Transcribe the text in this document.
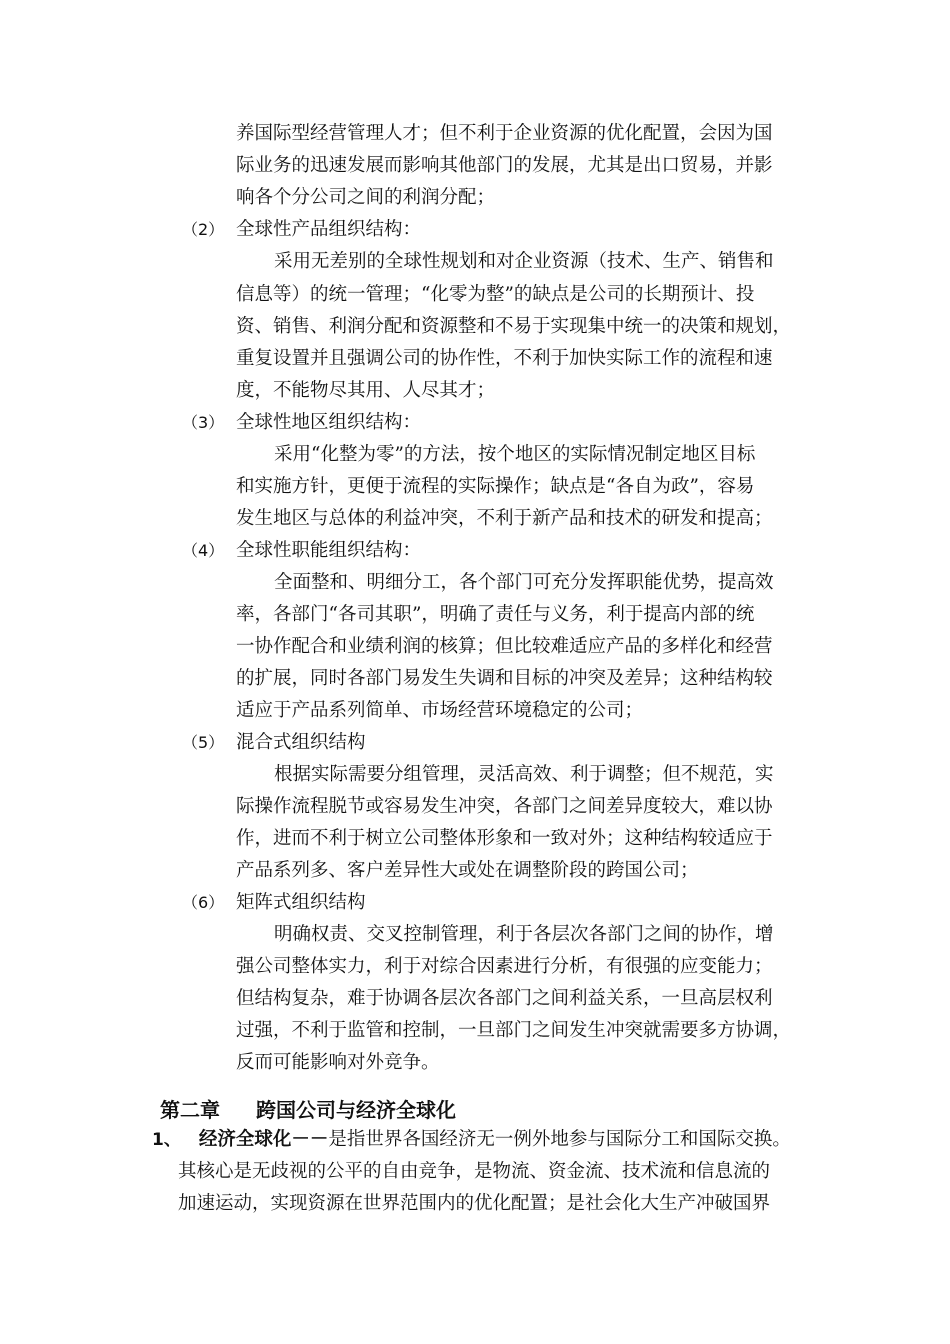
养国际型经营管理人才；但不利于企业资源的优化配置，会因为国
际业务的迅速发展而影响其他部门的发展，尤其是出口贸易，并影
响各个分公司之间的利润分配；
（2） 全球性产品组织结构：
采用无差别的全球性规划和对企业资源（技术、生产、销售和
信息等）的统一管理；“化零为整”的缺点是公司的长期预计、投
资、销售、利润分配和资源整和不易于实现集中统一的决策和规划，
重复设置并且强调公司的协作性，不利于加快实际工作的流程和速
度，不能物尽其用、人尽其才；
（3） 全球性地区组织结构：
采用“化整为零”的方法，按个地区的实际情况制定地区目标
和实施方针，更便于流程的实际操作；缺点是“各自为政”，容易
发生地区与总体的利益冲突，不利于新产品和技术的研发和提高；
（4） 全球性职能组织结构：
全面整和、明细分工，各个部门可充分发挥职能优势，提高效
率，各部门“各司其职”，明确了责任与义务，利于提高内部的统
一协作配合和业绩利润的核算；但比较难适应产品的多样化和经营
的扩展，同时各部门易发生失调和目标的冲突及差异；这种结构较
适应于产品系列简单、市场经营环境稳定的公司；
（5） 混合式组织结构
根据实际需要分组管理，灵活高效、利于调整；但不规范，实
际操作流程脱节或容易发生冲突，各部门之间差异度较大，难以协
作，进而不利于树立公司整体形象和一致对外；这种结构较适应于
产品系列多、客户差异性大或处在调整阶段的跨国公司；
（6） 矩阵式组织结构
明确权责、交叉控制管理，利于各层次各部门之间的协作，增
强公司整体实力，利于对综合因素进行分析，有很强的应变能力；
但结构复杂，难于协调各层次各部门之间利益关系，一旦高层权利
过强，不利于监管和控制，一旦部门之间发生冲突就需要多方协调，
反而可能影响对外竞争。
第二章 跨国公司与经济全球化
1、 经济全球化－－是指世界各国经济无一例外地参与国际分工和国际交换。
其核心是无歧视的公平的自由竞争，是物流、资金流、技术流和信息流的
加速运动，实现资源在世界范围内的优化配置；是社会化大生产冲破国界
